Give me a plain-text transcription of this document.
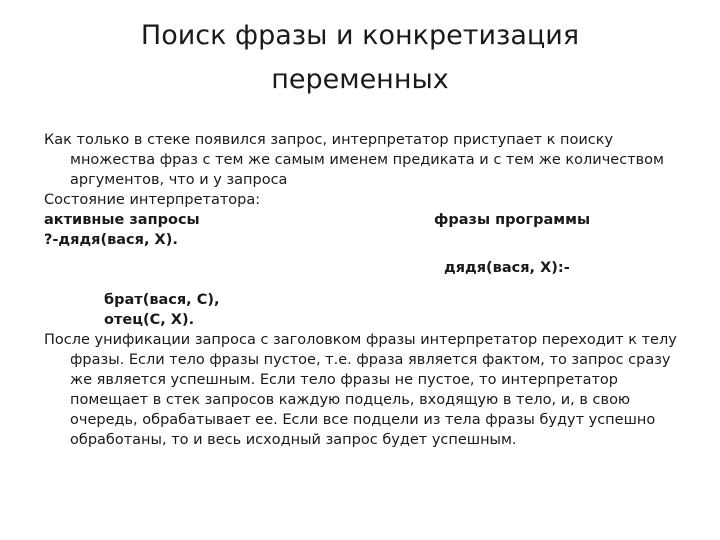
Поиск фразы и конкретизация
переменных

Как только в стеке появился запрос, интерпретатор приступает к поиску множества фраз с тем же самым именем предиката и с тем же количеством аргументов, что и у запроса

Состояние интерпретатора:

активные запросы	фразы программы
?-дядя(вася, Х).

дядя(вася, Х):-

брат(вася, С),

отец(С, Х).

После унификации запроса с заголовком фразы интерпретатор переходит к телу фразы. Если тело фразы пустое, т.е. фраза является фактом, то запрос сразу же является успешным. Если тело фразы не пустое, то интерпретатор помещает в стек запросов каждую подцель, входящую в тело, и, в свою очередь, обрабатывает ее. Если все подцели из тела фразы будут успешно обработаны, то и весь исходный запрос будет успешным.
